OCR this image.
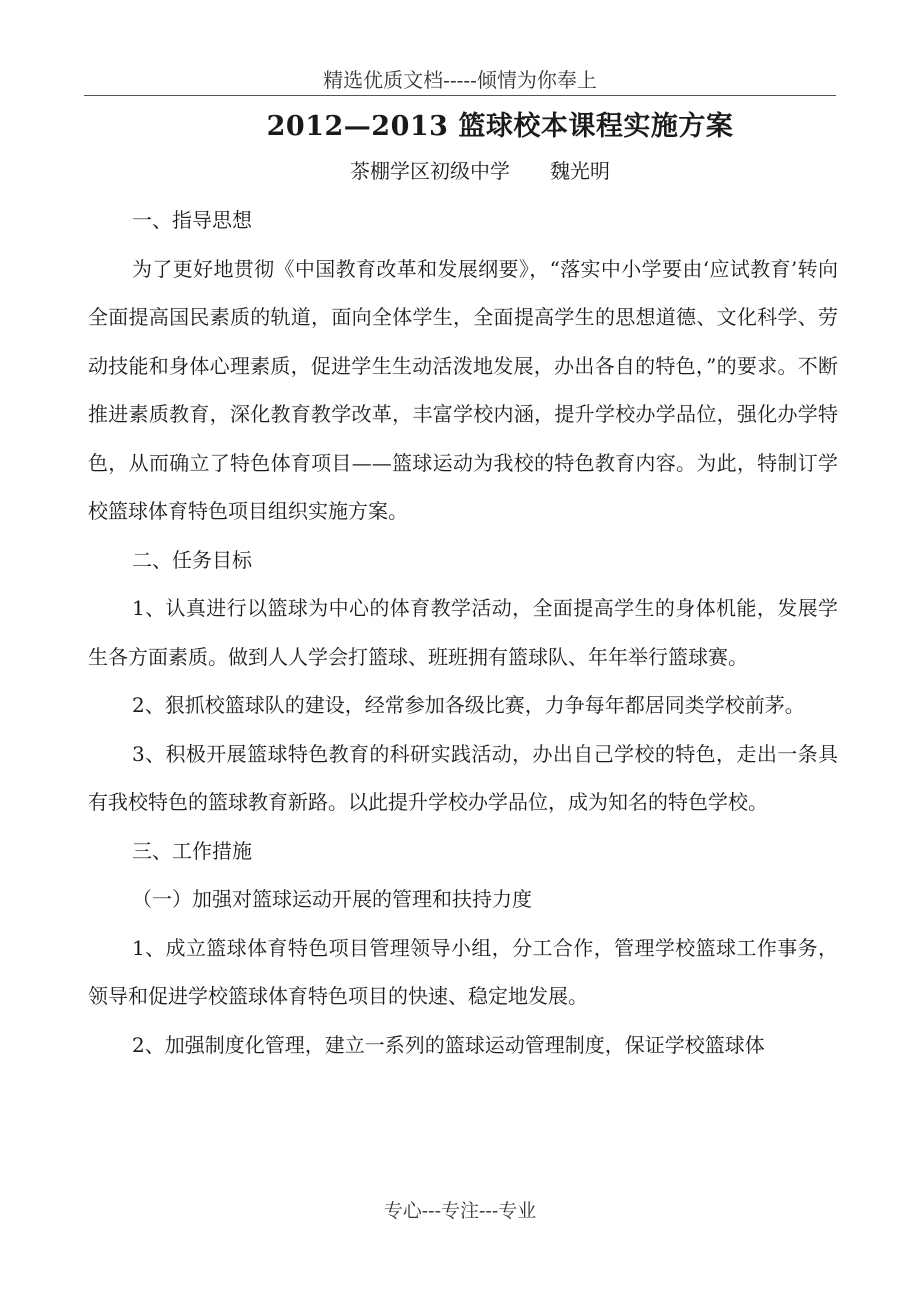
精选优质文档-----倾情为你奉上
2012—2013 篮球校本课程实施方案
茶棚学区初级中学 魏光明

一、指导思想

为了更好地贯彻《中国教育改革和发展纲要》，“落实中小学要由‘应试教育’转向全面提高国民素质的轨道，面向全体学生，全面提高学生的思想道德、文化科学、劳动技能和身体心理素质，促进学生生动活泼地发展，办出各自的特色，”的要求。不断推进素质教育，深化教育教学改革，丰富学校内涵，提升学校办学品位，强化办学特色，从而确立了特色体育项目——篮球运动为我校的特色教育内容。为此，特制订学校篮球体育特色项目组织实施方案。

二、任务目标

1、认真进行以篮球为中心的体育教学活动，全面提高学生的身体机能，发展学生各方面素质。做到人人学会打篮球、班班拥有篮球队、年年举行篮球赛。

2、狠抓校篮球队的建设，经常参加各级比赛，力争每年都居同类学校前茅。

3、积极开展篮球特色教育的科研实践活动，办出自己学校的特色，走出一条具有我校特色的篮球教育新路。以此提升学校办学品位，成为知名的特色学校。

三、工作措施

（一）加强对篮球运动开展的管理和扶持力度

1、成立篮球体育特色项目管理领导小组，分工合作，管理学校篮球工作事务，领导和促进学校篮球体育特色项目的快速、稳定地发展。

2、加强制度化管理，建立一系列的篮球运动管理制度，保证学校篮球体

专心---专注---专业
